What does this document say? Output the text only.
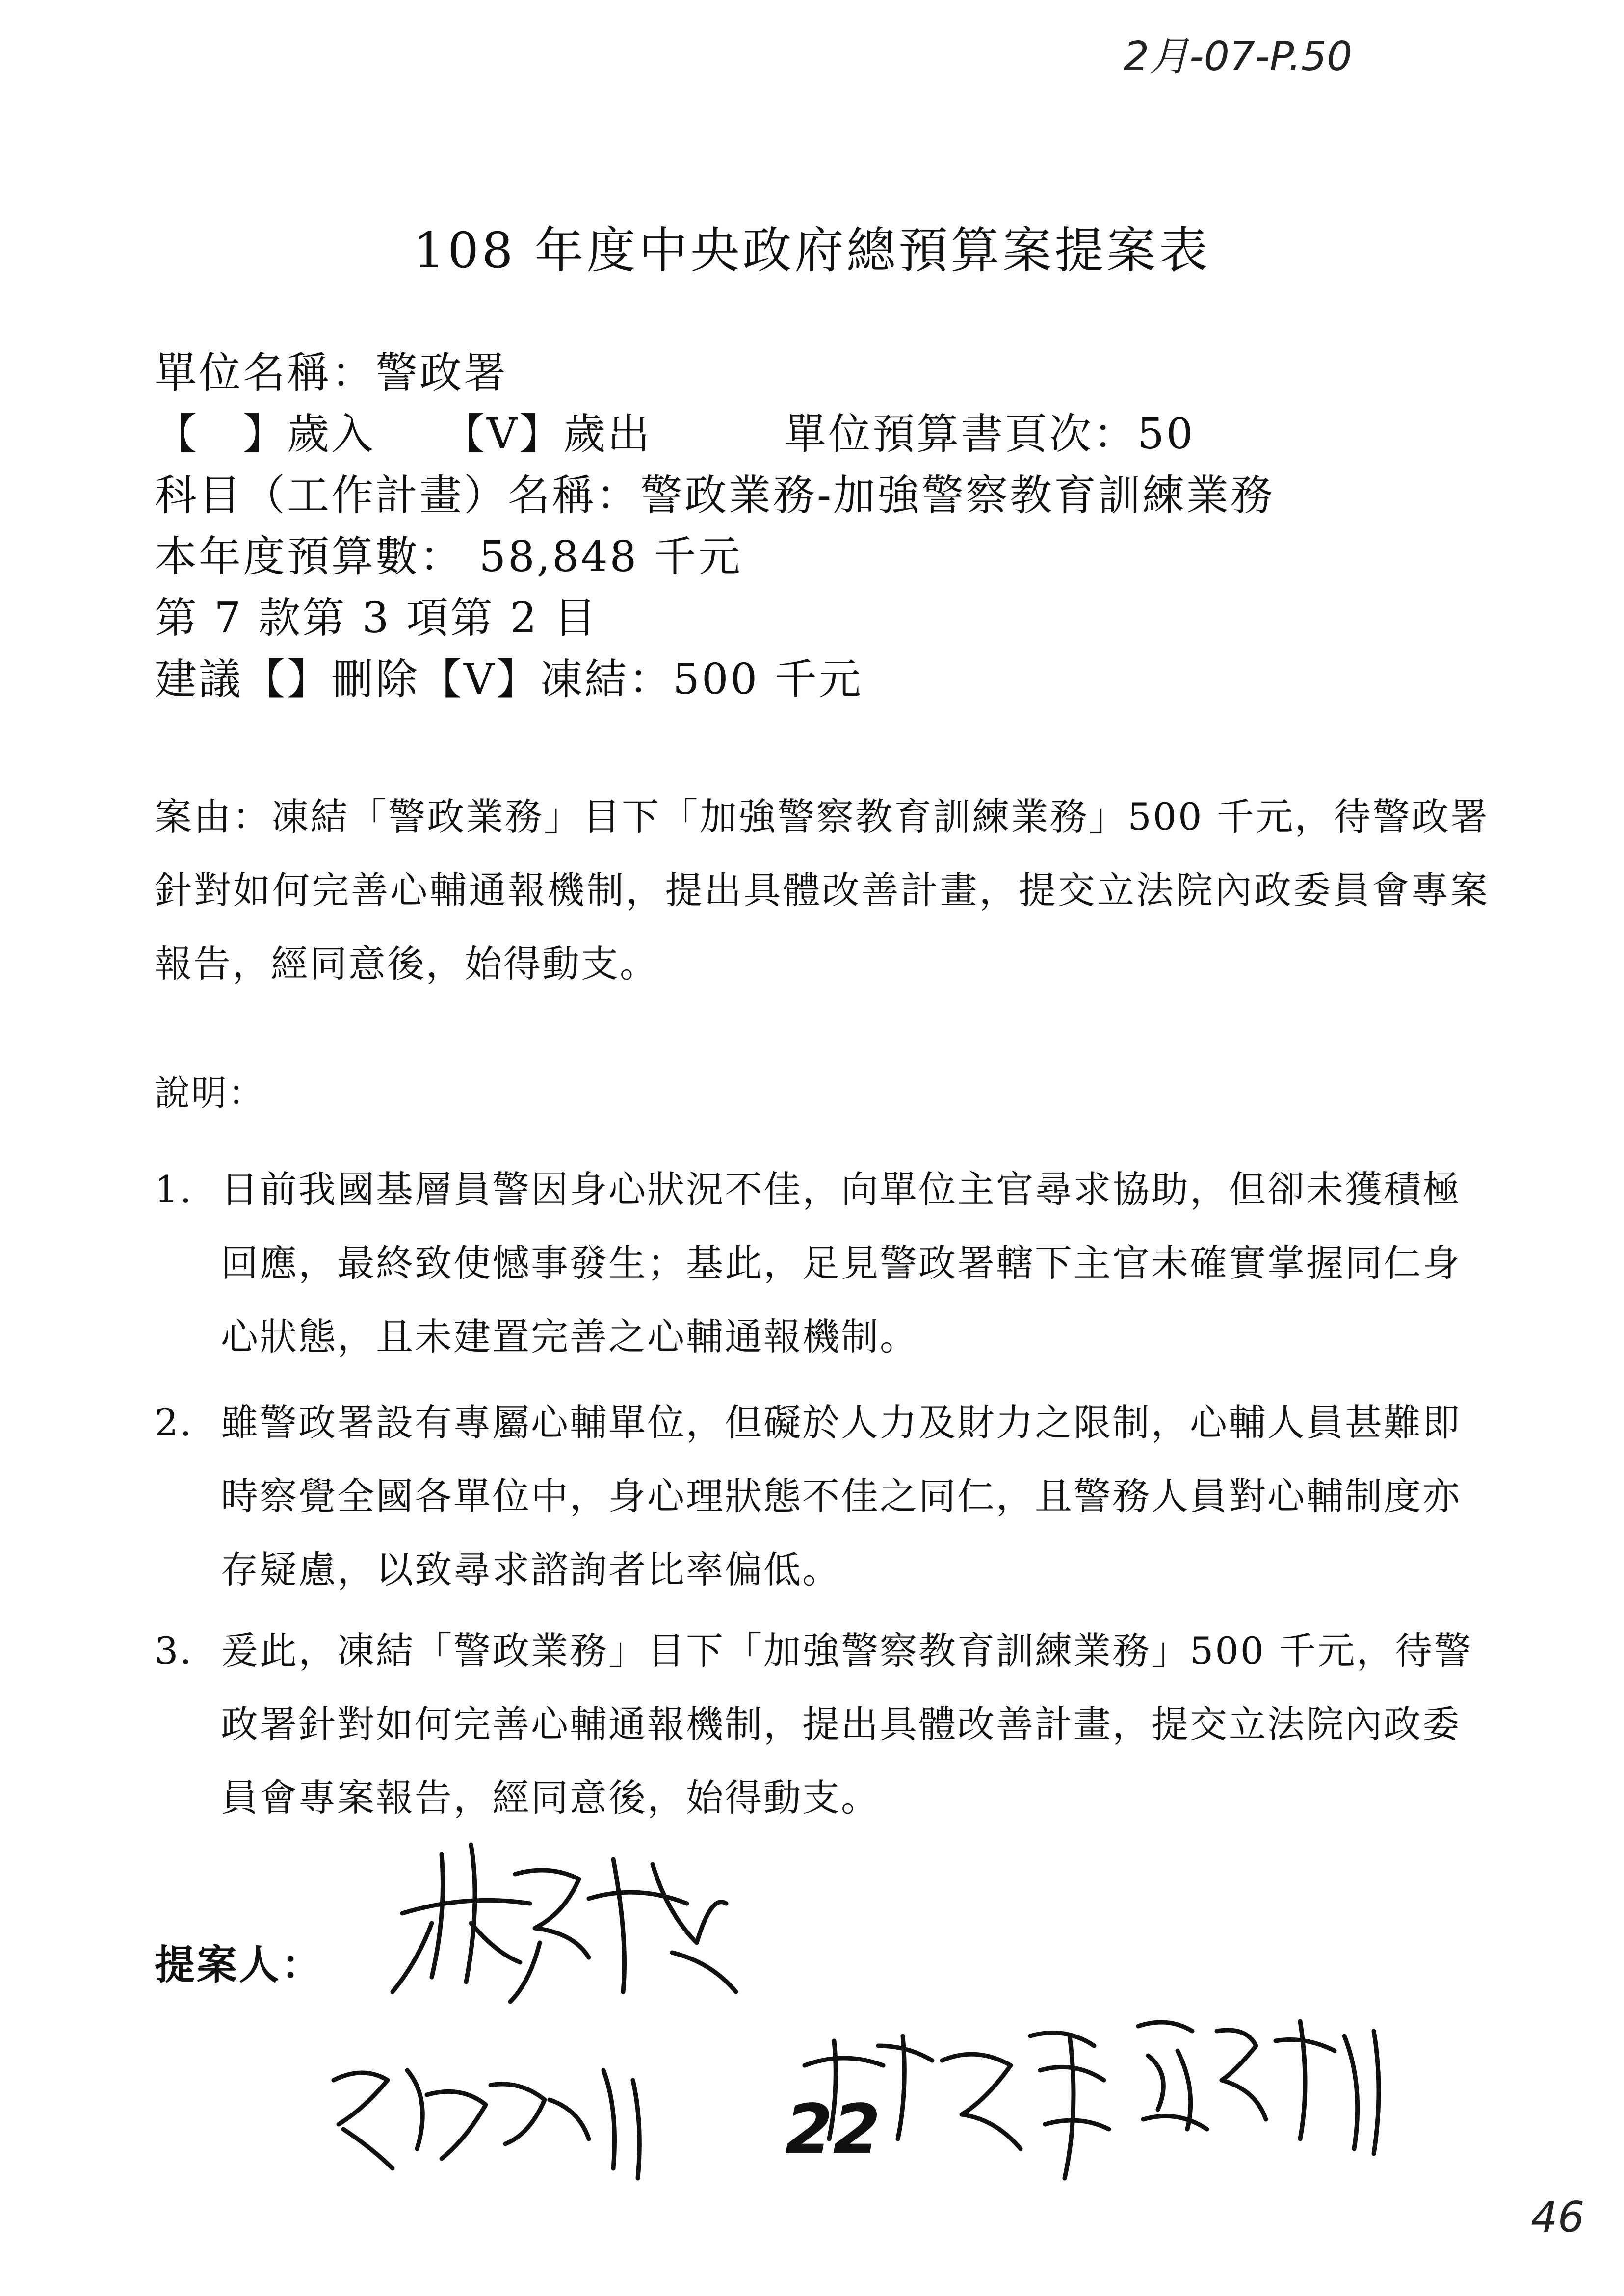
2月-07-P.50
108 年度中央政府總預算案提案表
單位名稱：警政署
【　】歲入　　【V】歲出　　　單位預算書頁次：50
科目（工作計畫）名稱：警政業務-加強警察教育訓練業務
本年度預算數： 58,848 千元
第 7 款第 3 項第 2 目
建議【】刪除【V】凍結：500 千元
案由：凍結「警政業務」目下「加強警察教育訓練業務」500 千元，待警政署針對如何完善心輔通報機制，提出具體改善計畫，提交立法院內政委員會專案報告，經同意後，始得動支。
說明：
1. 日前我國基層員警因身心狀況不佳，向單位主官尋求協助，但卻未獲積極回應，最終致使憾事發生；基此，足見警政署轄下主官未確實掌握同仁身心狀態，且未建置完善之心輔通報機制。
2. 雖警政署設有專屬心輔單位，但礙於人力及財力之限制，心輔人員甚難即時察覺全國各單位中，身心理狀態不佳之同仁，且警務人員對心輔制度亦存疑慮，以致尋求諮詢者比率偏低。
3. 爰此，凍結「警政業務」目下「加強警察教育訓練業務」500 千元，待警政署針對如何完善心輔通報機制，提出具體改善計畫，提交立法院內政委員會專案報告，經同意後，始得動支。
提案人：
22
46
